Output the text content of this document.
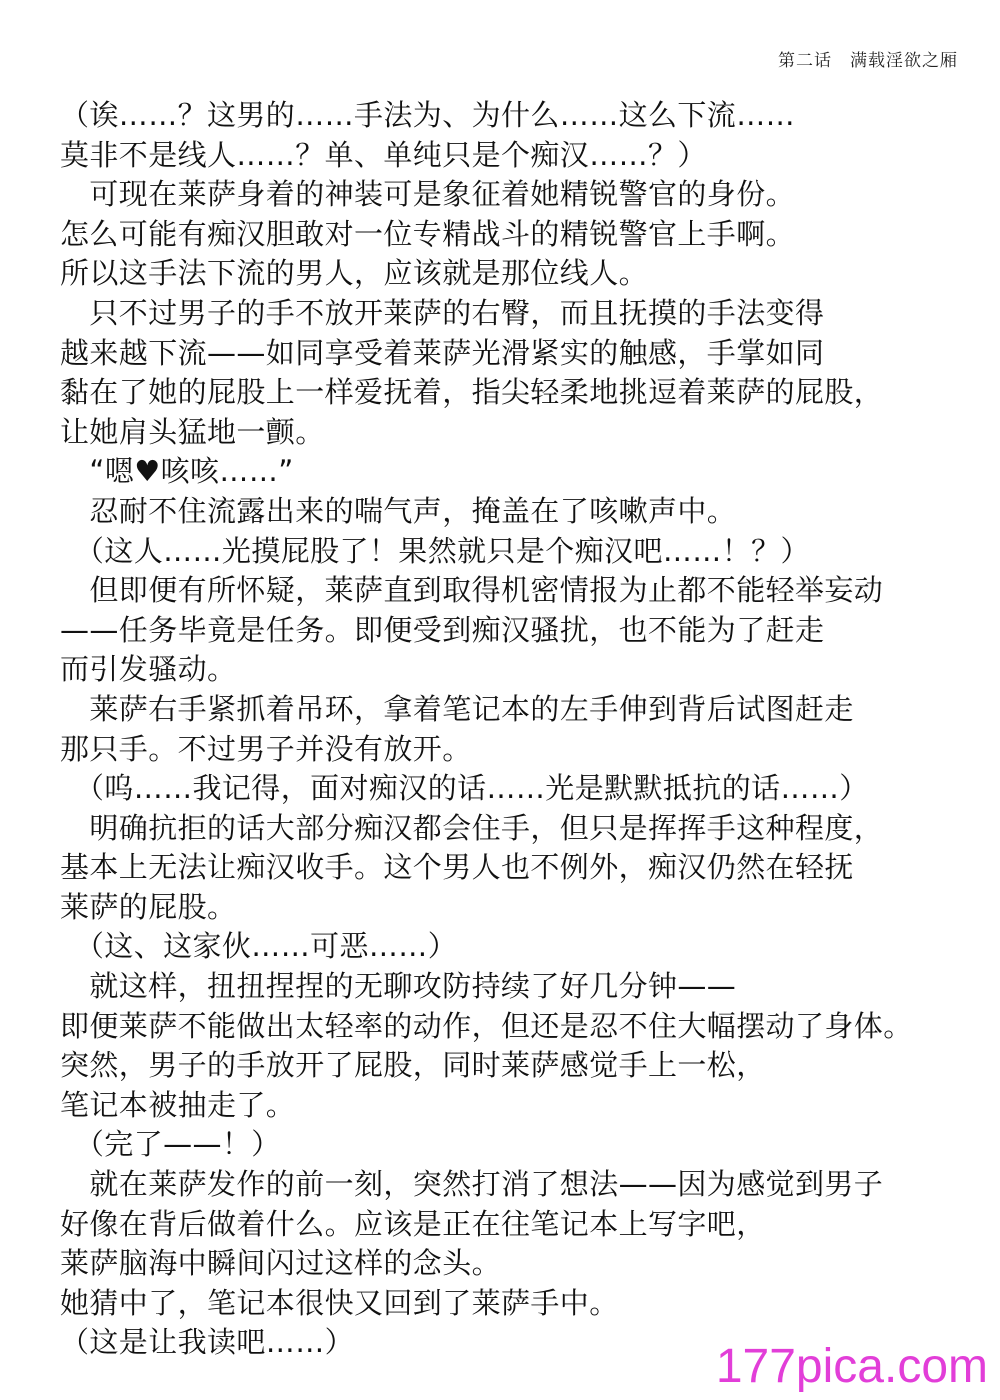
第二话　满载淫欲之厢
（诶……？这男的……手法为、为什么……这么下流……
莫非不是线人……？单、单纯只是个痴汉……？）
　可现在莱萨身着的神装可是象征着她精锐警官的身份。
怎么可能有痴汉胆敢对一位专精战斗的精锐警官上手啊。
所以这手法下流的男人，应该就是那位线人。
　只不过男子的手不放开莱萨的右臀，而且抚摸的手法变得
越来越下流——如同享受着莱萨光滑紧实的触感，手掌如同
黏在了她的屁股上一样爱抚着，指尖轻柔地挑逗着莱萨的屁股，
让她肩头猛地一颤。
　“嗯♥咳咳……”
　忍耐不住流露出来的喘气声，掩盖在了咳嗽声中。
　（这人……光摸屁股了！果然就只是个痴汉吧……！？）
　但即便有所怀疑，莱萨直到取得机密情报为止都不能轻举妄动
——任务毕竟是任务。即便受到痴汉骚扰，也不能为了赶走
而引发骚动。
　莱萨右手紧抓着吊环，拿着笔记本的左手伸到背后试图赶走
那只手。不过男子并没有放开。
　（呜……我记得，面对痴汉的话……光是默默抵抗的话……）
　明确抗拒的话大部分痴汉都会住手，但只是挥挥手这种程度，
基本上无法让痴汉收手。这个男人也不例外，痴汉仍然在轻抚
莱萨的屁股。
　（这、这家伙……可恶……）
　就这样，扭扭捏捏的无聊攻防持续了好几分钟——
即便莱萨不能做出太轻率的动作，但还是忍不住大幅摆动了身体。
突然，男子的手放开了屁股，同时莱萨感觉手上一松，
笔记本被抽走了。
　（完了——！）
　就在莱萨发作的前一刻，突然打消了想法——因为感觉到男子
好像在背后做着什么。应该是正在往笔记本上写字吧，
莱萨脑海中瞬间闪过这样的念头。
她猜中了，笔记本很快又回到了莱萨手中。
（这是让我读吧……）	177pica.com
